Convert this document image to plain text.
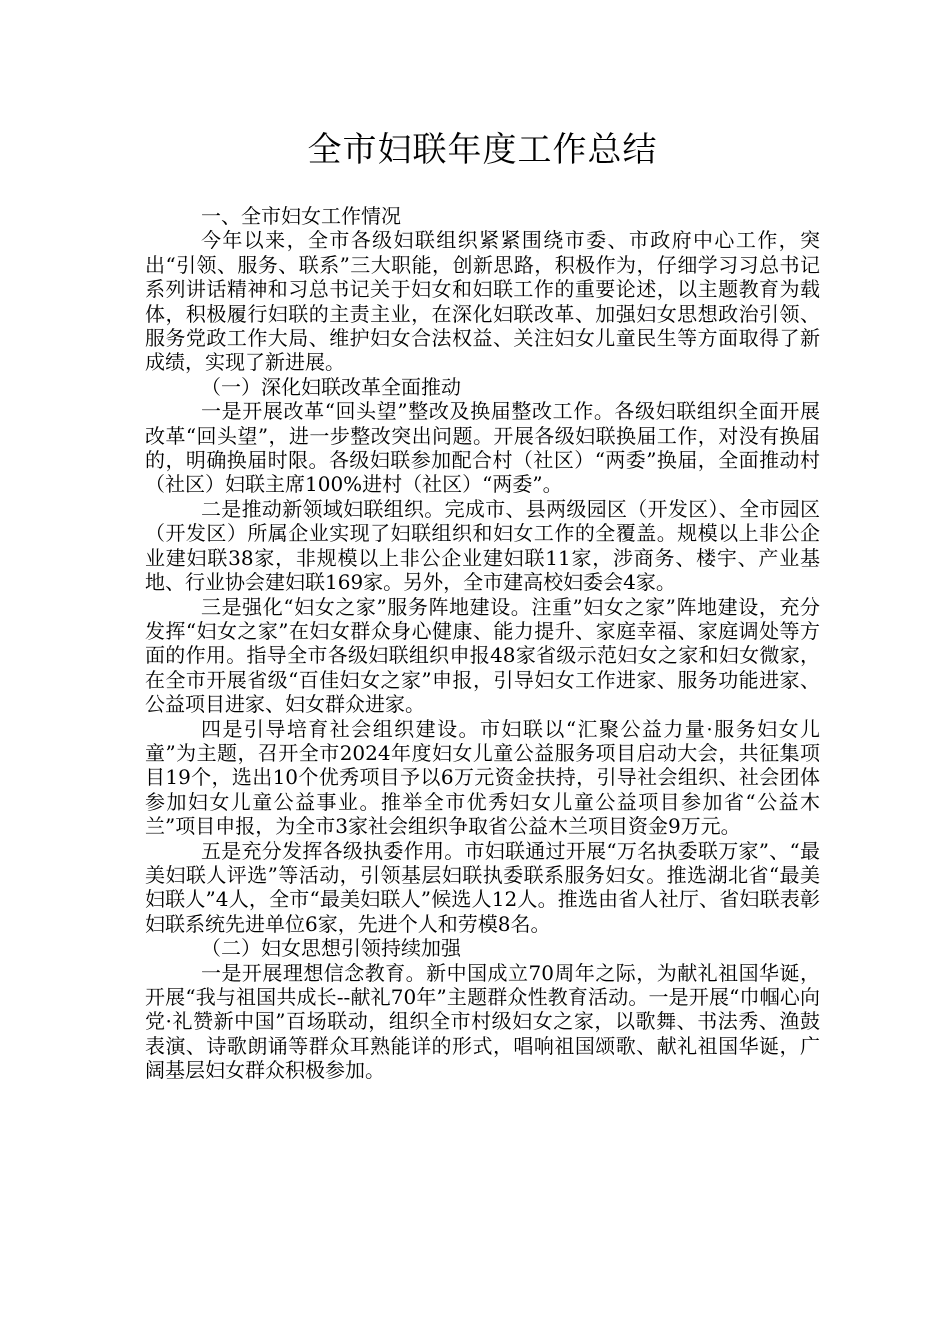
全市妇联年度工作总结

一、全市妇女工作情况

今年以来，全市各级妇联组织紧紧围绕市委、市政府中心工作，突出“引领、服务、联系”三大职能，创新思路，积极作为，仔细学习习总书记系列讲话精神和习总书记关于妇女和妇联工作的重要论述，以主题教育为载体，积极履行妇联的主责主业，在深化妇联改革、加强妇女思想政治引领、服务党政工作大局、维护妇女合法权益、关注妇女儿童民生等方面取得了新成绩，实现了新进展。

（一）深化妇联改革全面推动

一是开展改革“回头望”整改及换届整改工作。各级妇联组织全面开展改革“回头望”，进一步整改突出问题。开展各级妇联换届工作，对没有换届的，明确换届时限。各级妇联参加配合村（社区）“两委”换届，全面推动村（社区）妇联主席100%进村（社区）“两委”。

二是推动新领域妇联组织。完成市、县两级园区（开发区）、全市园区（开发区）所属企业实现了妇联组织和妇女工作的全覆盖。规模以上非公企业建妇联38家，非规模以上非公企业建妇联11家，涉商务、楼宇、产业基地、行业协会建妇联169家。另外，全市建高校妇委会4家。

三是强化“妇女之家”服务阵地建设。注重”妇女之家”阵地建设，充分发挥“妇女之家”在妇女群众身心健康、能力提升、家庭幸福、家庭调处等方面的作用。指导全市各级妇联组织申报48家省级示范妇女之家和妇女微家，在全市开展省级“百佳妇女之家”申报，引导妇女工作进家、服务功能进家、公益项目进家、妇女群众进家。

四是引导培育社会组织建设。市妇联以“汇聚公益力量·服务妇女儿童”为主题，召开全市2024年度妇女儿童公益服务项目启动大会，共征集项目19个，选出10个优秀项目予以6万元资金扶持，引导社会组织、社会团体参加妇女儿童公益事业。推举全市优秀妇女儿童公益项目参加省“公益木兰”项目申报，为全市3家社会组织争取省公益木兰项目资金9万元。

五是充分发挥各级执委作用。市妇联通过开展“万名执委联万家”、“最美妇联人评选”等活动，引领基层妇联执委联系服务妇女。推选湖北省“最美妇联人”4人，全市“最美妇联人”候选人12人。推选由省人社厅、省妇联表彰妇联系统先进单位6家，先进个人和劳模8名。

（二）妇女思想引领持续加强

一是开展理想信念教育。新中国成立70周年之际，为献礼祖国华诞，开展“我与祖国共成长--献礼70年”主题群众性教育活动。一是开展“巾帼心向党·礼赞新中国”百场联动，组织全市村级妇女之家，以歌舞、书法秀、渔鼓表演、诗歌朗诵等群众耳熟能详的形式，唱响祖国颂歌、献礼祖国华诞，广阔基层妇女群众积极参加。
